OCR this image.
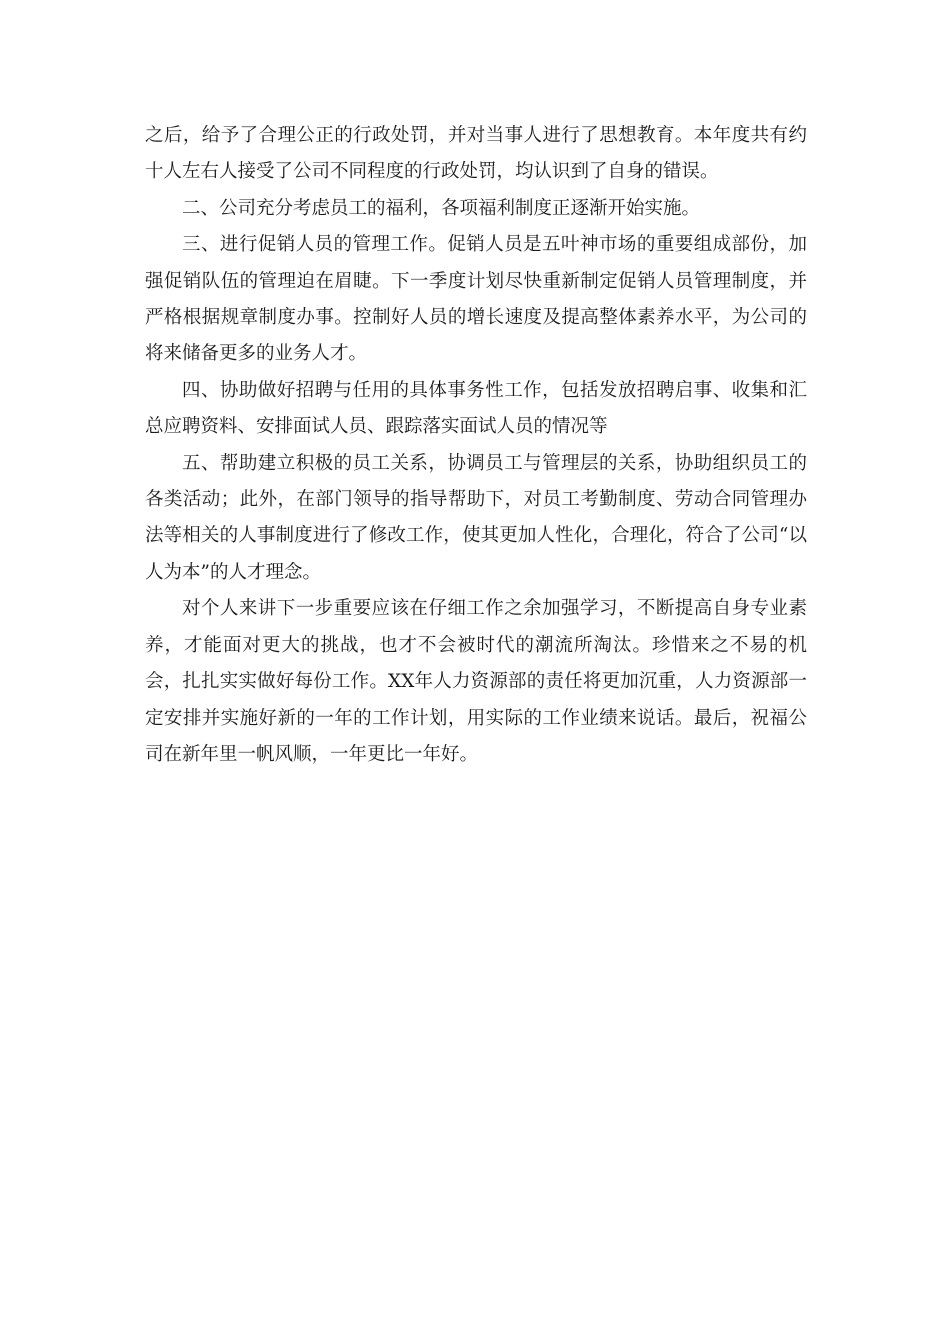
之后，给予了合理公正的行政处罚，并对当事人进行了思想教育。本年度共有约十人左右人接受了公司不同程度的行政处罚，均认识到了自身的错误。

二、公司充分考虑员工的福利，各项福利制度正逐渐开始实施。

三、进行促销人员的管理工作。促销人员是五叶神市场的重要组成部份，加强促销队伍的管理迫在眉睫。下一季度计划尽快重新制定促销人员管理制度，并严格根据规章制度办事。控制好人员的增长速度及提高整体素养水平，为公司的将来储备更多的业务人才。

四、协助做好招聘与任用的具体事务性工作，包括发放招聘启事、收集和汇总应聘资料、安排面试人员、跟踪落实面试人员的情况等

五、帮助建立积极的员工关系，协调员工与管理层的关系，协助组织员工的各类活动；此外，在部门领导的指导帮助下，对员工考勤制度、劳动合同管理办法等相关的人事制度进行了修改工作，使其更加人性化，合理化，符合了公司“以人为本”的人才理念。

对个人来讲下一步重要应该在仔细工作之余加强学习，不断提高自身专业素养，才能面对更大的挑战，也才不会被时代的潮流所淘汰。珍惜来之不易的机会，扎扎实实做好每份工作。XX年人力资源部的责任将更加沉重，人力资源部一定安排并实施好新的一年的工作计划，用实际的工作业绩来说话。最后，祝福公司在新年里一帆风顺，一年更比一年好。
